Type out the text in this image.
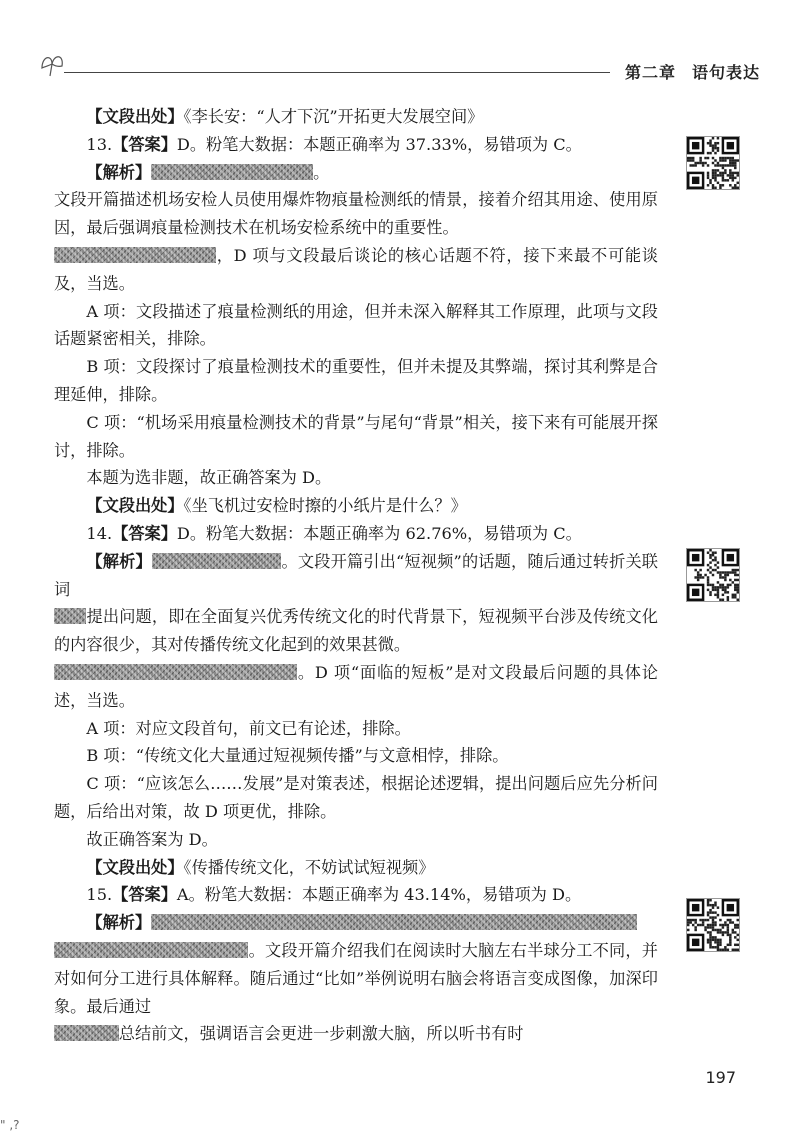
第二章 语句表达

【文段出处】《李长安：“人才下沉”开拓更大发展空间》

13.【答案】D。粉笔大数据：本题正确率为 37.33%，易错项为 C。

【解析】	。

文段开篇描述机场安检人员使用爆炸物痕量检测纸的情景，接着介绍其用途、使用原因，最后强调痕量检测技术在机场安检系统中的重要性。

，D 项与文段最后谈论的核心话题不符，接下来最不可能谈及，当选。

A 项：文段描述了痕量检测纸的用途，但并未深入解释其工作原理，此项与文段话题紧密相关，排除。

B 项：文段探讨了痕量检测技术的重要性，但并未提及其弊端，探讨其利弊是合理延伸，排除。

C 项：“机场采用痕量检测技术的背景”与尾句“背景”相关，接下来有可能展开探讨，排除。

本题为选非题，故正确答案为 D。

【文段出处】《坐飞机过安检时擦的小纸片是什么？》

14.【答案】D。粉笔大数据：本题正确率为 62.76%，易错项为 C。

【解析】	。文段开篇引出“短视频”的话题，随后通过转折关联词

提出问题，即在全面复兴优秀传统文化的时代背景下，短视频平台涉及传统文化的内容很少，其对传播传统文化起到的效果甚微。

。D 项“面临的短板”是对文段最后问题的具体论述，当选。

A 项：对应文段首句，前文已有论述，排除。

B 项：“传统文化大量通过短视频传播”与文意相悖，排除。

C 项：“应该怎么……发展”是对策表述，根据论述逻辑，提出问题后应先分析问题，后给出对策，故 D 项更优，排除。

故正确答案为 D。

【文段出处】《传播传统文化，不妨试试短视频》

15.【答案】A。粉笔大数据：本题正确率为 43.14%，易错项为 D。

【解析】

。文段开篇介绍我们在阅读时大脑左右半球分工不同，并对如何分工进行具体解释。随后通过“比如”举例说明右脑会将语言变成图像，加深印象。最后通过

总结前文，强调语言会更进一步刺激大脑，所以听书有时

197
" ,?
